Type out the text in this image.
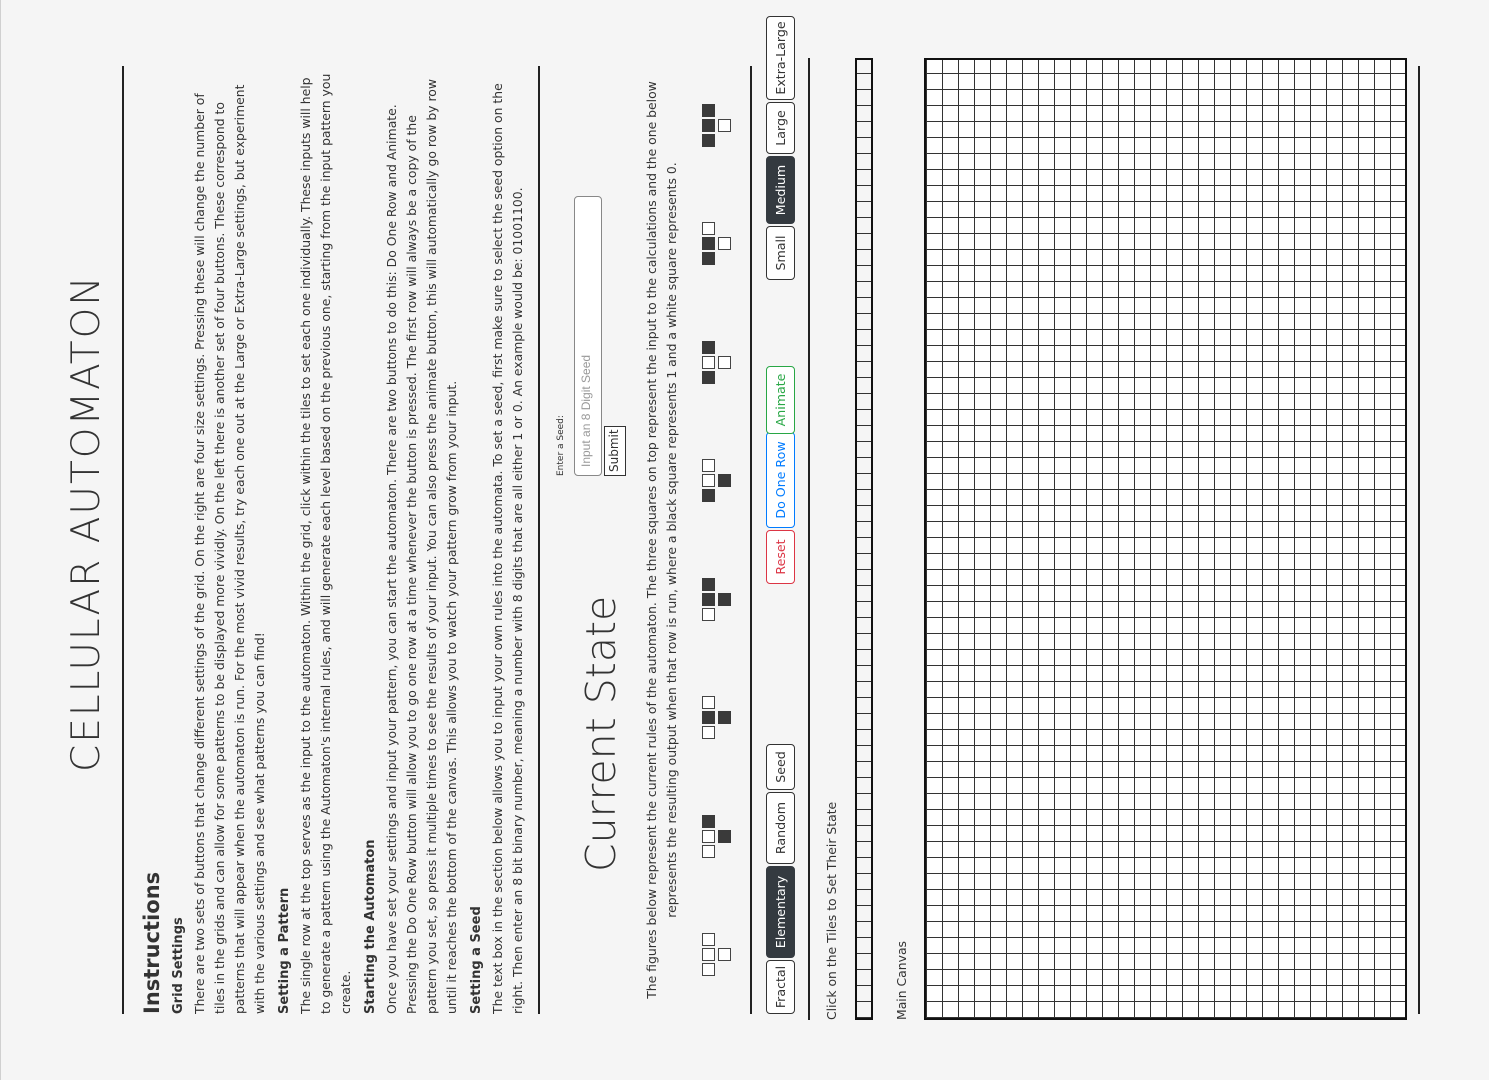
CELLULAR AUTOMATON
Instructions Grid Settings There are two sets of buttons that change different settings of the grid. On the right are four size settings. Pressing these will change the number of tiles in the grids and can allow for some patterns to be displayed more vividly. On the left there is another set of four buttons. These correspond to patterns that will appear when the automaton is run. For the most vivid results, try each one out at the Large or Extra-Large settings, but experiment with the various settings and see what patterns you can find! Setting a Pattern The single row at the top serves as the input to the automaton. Within the grid, click within the tiles to set each one individually. These inputs will help to generate a pattern using the Automaton's internal rules, and will generate each level based on the previous one, starting from the input pattern you create. Starting the Automaton Once you have set your settings and input your pattern, you can start the automaton. There are two buttons to do this: Do One Row and Animate. Pressing the Do One Row button will allow you to go one row at a time whenever the button is pressed. The first row will always be a copy of the pattern you set, so press it multiple times to see the results of your input. You can also press the animate button, this will automatically go row by row until it reaches the bottom of the canvas. This allows you to watch your pattern grow from your input. Setting a Seed The text box in the section below allows you to input your own rules into the automata. To set a seed, first make sure to select the seed option on the right. Then enter an 8 bit binary number, meaning a number with 8 digits that are all either 1 or 0. An example would be: 01001100.	Enter a Seed:	Input an 8 Digit Seed	Submit
Current State The figures below represent the current rules of the automaton. The three squares on top represent the input to the calculations and the one below represents the resulting output when that row is run, where a black square represents 1 and a white square represents 0.
Fractal
Elementary
Random
Seed
Reset
Do One Row
Animate
Small
Medium
Large
Extra-Large
Click on the Tiles to Set Their State	Main Canvas
